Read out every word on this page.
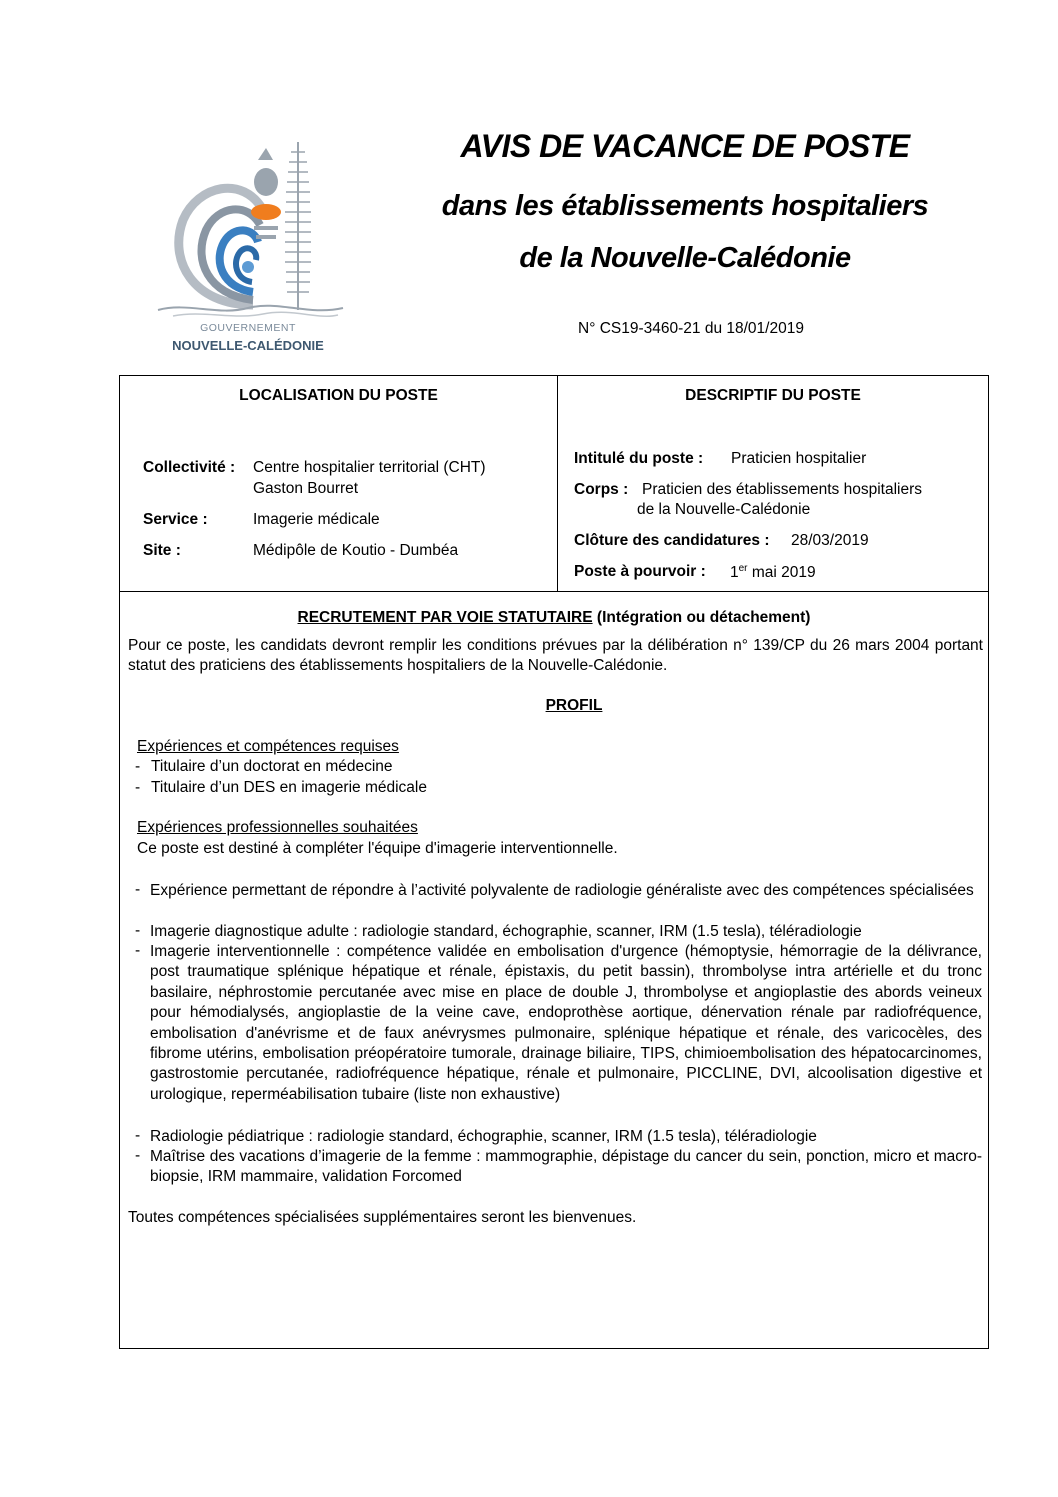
GOUVERNEMENT
NOUVELLE-CALÉDONIE
AVIS DE VACANCE DE POSTE
dans les établissements hospitaliers
de la Nouvelle-Calédonie
N° CS19-3460-21 du 18/01/2019
LOCALISATION DU POSTE
Collectivité : Centre hospitalier territorial (CHT)
Gaston Bourret
Service :	Imagerie médicale
Site :	Médipôle de Koutio - Dumbéa
DESCRIPTIF DU POSTE
Intitulé du poste : Praticien hospitalier
Corps : Praticien des établissements hospitaliers
de la Nouvelle-Calédonie
Clôture des candidatures : 28/03/2019
Poste à pourvoir : 1er mai 2019
RECRUTEMENT PAR VOIE STATUTAIRE (Intégration ou détachement)
Pour ce poste, les candidats devront remplir les conditions prévues par la délibération n° 139/CP du 26 mars 2004 portant statut des praticiens des établissements hospitaliers de la Nouvelle-Calédonie.
PROFIL
Expériences et compétences requises
- Titulaire d’un doctorat en médecine
- Titulaire d’un DES en imagerie médicale
Expériences professionnelles souhaitées
Ce poste est destiné à compléter l'équipe d'imagerie interventionnelle.
- Expérience permettant de répondre à l’activité polyvalente de radiologie généraliste avec des compétences spécialisées
- Imagerie diagnostique adulte : radiologie standard, échographie, scanner, IRM (1.5 tesla), téléradiologie
- Imagerie interventionnelle : compétence validée en embolisation d'urgence (hémoptysie, hémorragie de la délivrance, post traumatique splénique hépatique et rénale, épistaxis, du petit bassin), thrombolyse intra artérielle et du tronc basilaire, néphrostomie percutanée avec mise en place de double J, thrombolyse et angioplastie des abords veineux pour hémodialysés, angioplastie de la veine cave, endoprothèse aortique, dénervation rénale par radiofréquence, embolisation d'anévrisme et de faux anévrysmes pulmonaire, splénique hépatique et rénale, des varicocèles, des fibrome utérins, embolisation préopératoire tumorale, drainage biliaire, TIPS, chimioembolisation des hépatocarcinomes, gastrostomie percutanée, radiofréquence hépatique, rénale et pulmonaire, PICCLINE, DVI, alcoolisation digestive et urologique, reperméabilisation tubaire (liste non exhaustive)
- Radiologie pédiatrique : radiologie standard, échographie, scanner, IRM (1.5 tesla), téléradiologie
- Maîtrise des vacations d’imagerie de la femme : mammographie, dépistage du cancer du sein, ponction, micro et macro-biopsie, IRM mammaire, validation Forcomed
Toutes compétences spécialisées supplémentaires seront les bienvenues.
